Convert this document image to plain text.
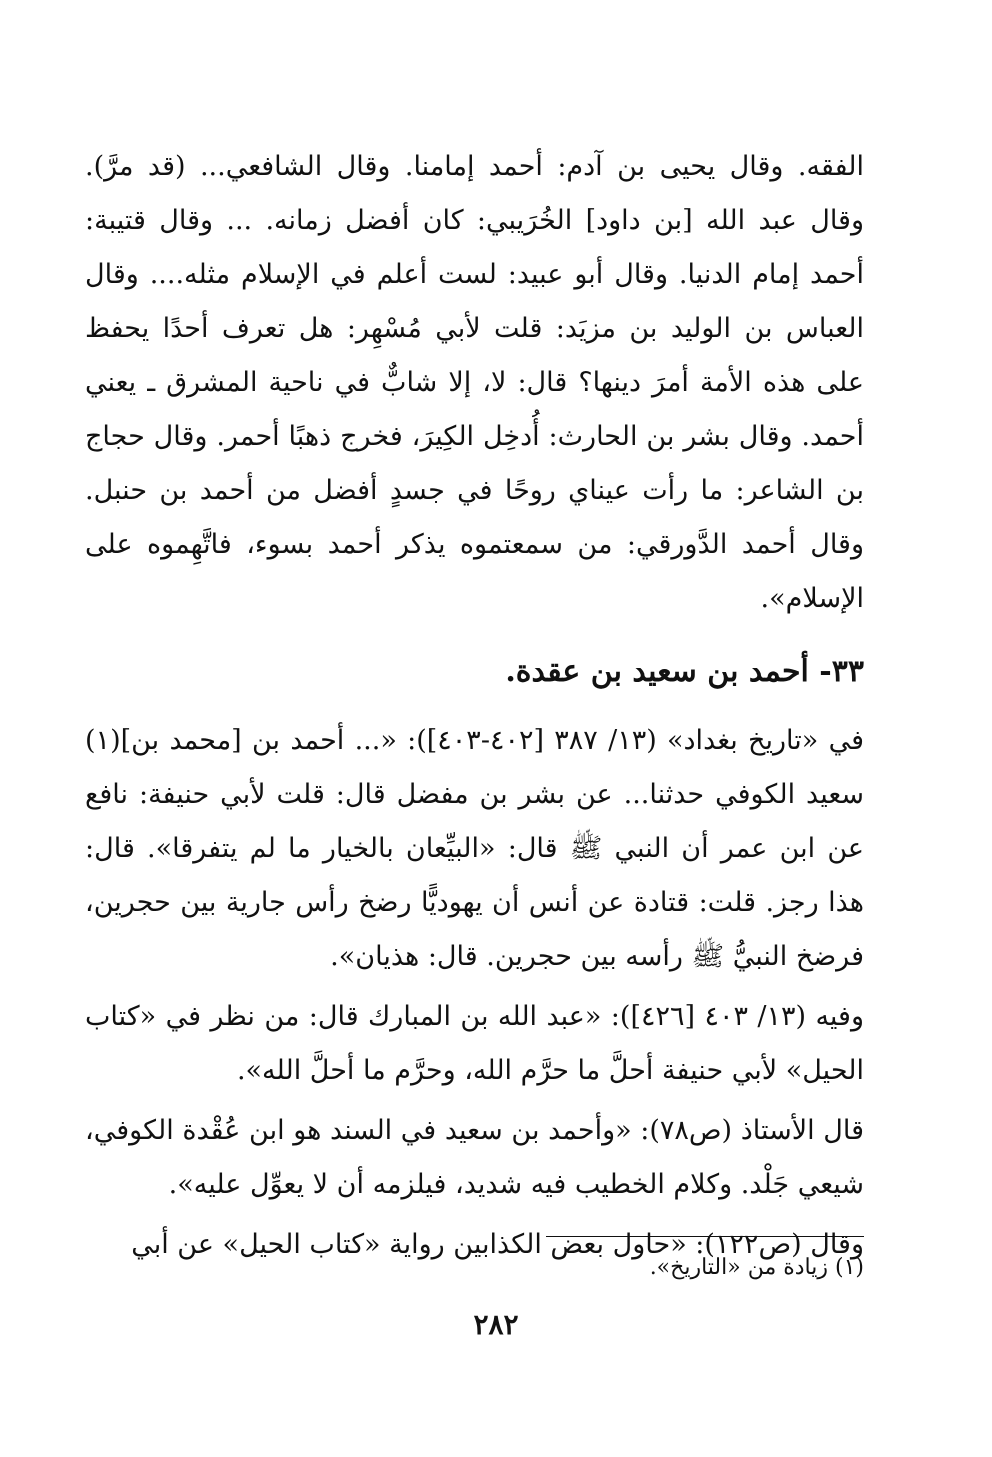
الفقه. وقال يحيى بن آدم: أحمد إمامنا. وقال الشافعي... (قد مرَّ). وقال عبد الله [بن داود] الخُرَيبي: كان أفضل زمانه. ... وقال قتيبة: أحمد إمام الدنيا. وقال أبو عبيد: لست أعلم في الإسلام مثله.... وقال العباس بن الوليد بن مزيَد: قلت لأبي مُسْهِر: هل تعرف أحدًا يحفظ على هذه الأمة أمرَ دينها؟ قال: لا، إلا شابٌّ في ناحية المشرق ـ يعني أحمد. وقال بشر بن الحارث: أُدخِل الكِيرَ، فخرج ذهبًا أحمر. وقال حجاج بن الشاعر: ما رأت عيناي روحًا في جسدٍ أفضل من أحمد بن حنبل. وقال أحمد الدَّورقي: من سمعتموه يذكر أحمد بسوء، فاتَّهِموه على الإسلام».

٣٣- أحمد بن سعيد بن عقدة.

في «تاريخ بغداد» (١٣/ ٣٨٧ [٤٠٢-٤٠٣]): «... أحمد بن [محمد بن](١) سعيد الكوفي حدثنا... عن بشر بن مفضل قال: قلت لأبي حنيفة: نافع عن ابن عمر أن النبي ﷺ قال: «البيِّعان بالخيار ما لم يتفرقا». قال: هذا رجز. قلت: قتادة عن أنس أن يهوديًّا رضخ رأس جارية بين حجرين، فرضخ النبيُّ ﷺ رأسه بين حجرين. قال: هذيان».

وفيه (١٣/ ٤٠٣ [٤٢٦]): «عبد الله بن المبارك قال: من نظر في «كتاب الحيل» لأبي حنيفة أحلَّ ما حرَّم الله، وحرَّم ما أحلَّ الله».

قال الأستاذ (ص٧٨): «وأحمد بن سعيد في السند هو ابن عُقْدة الكوفي، شيعي جَلْد. وكلام الخطيب فيه شديد، فيلزمه أن لا يعوِّل عليه».

وقال (ص١٢٢): «حاول بعض الكذابين رواية «كتاب الحيل» عن أبي

(١) زيادة من «التاريخ».
٢٨٢
